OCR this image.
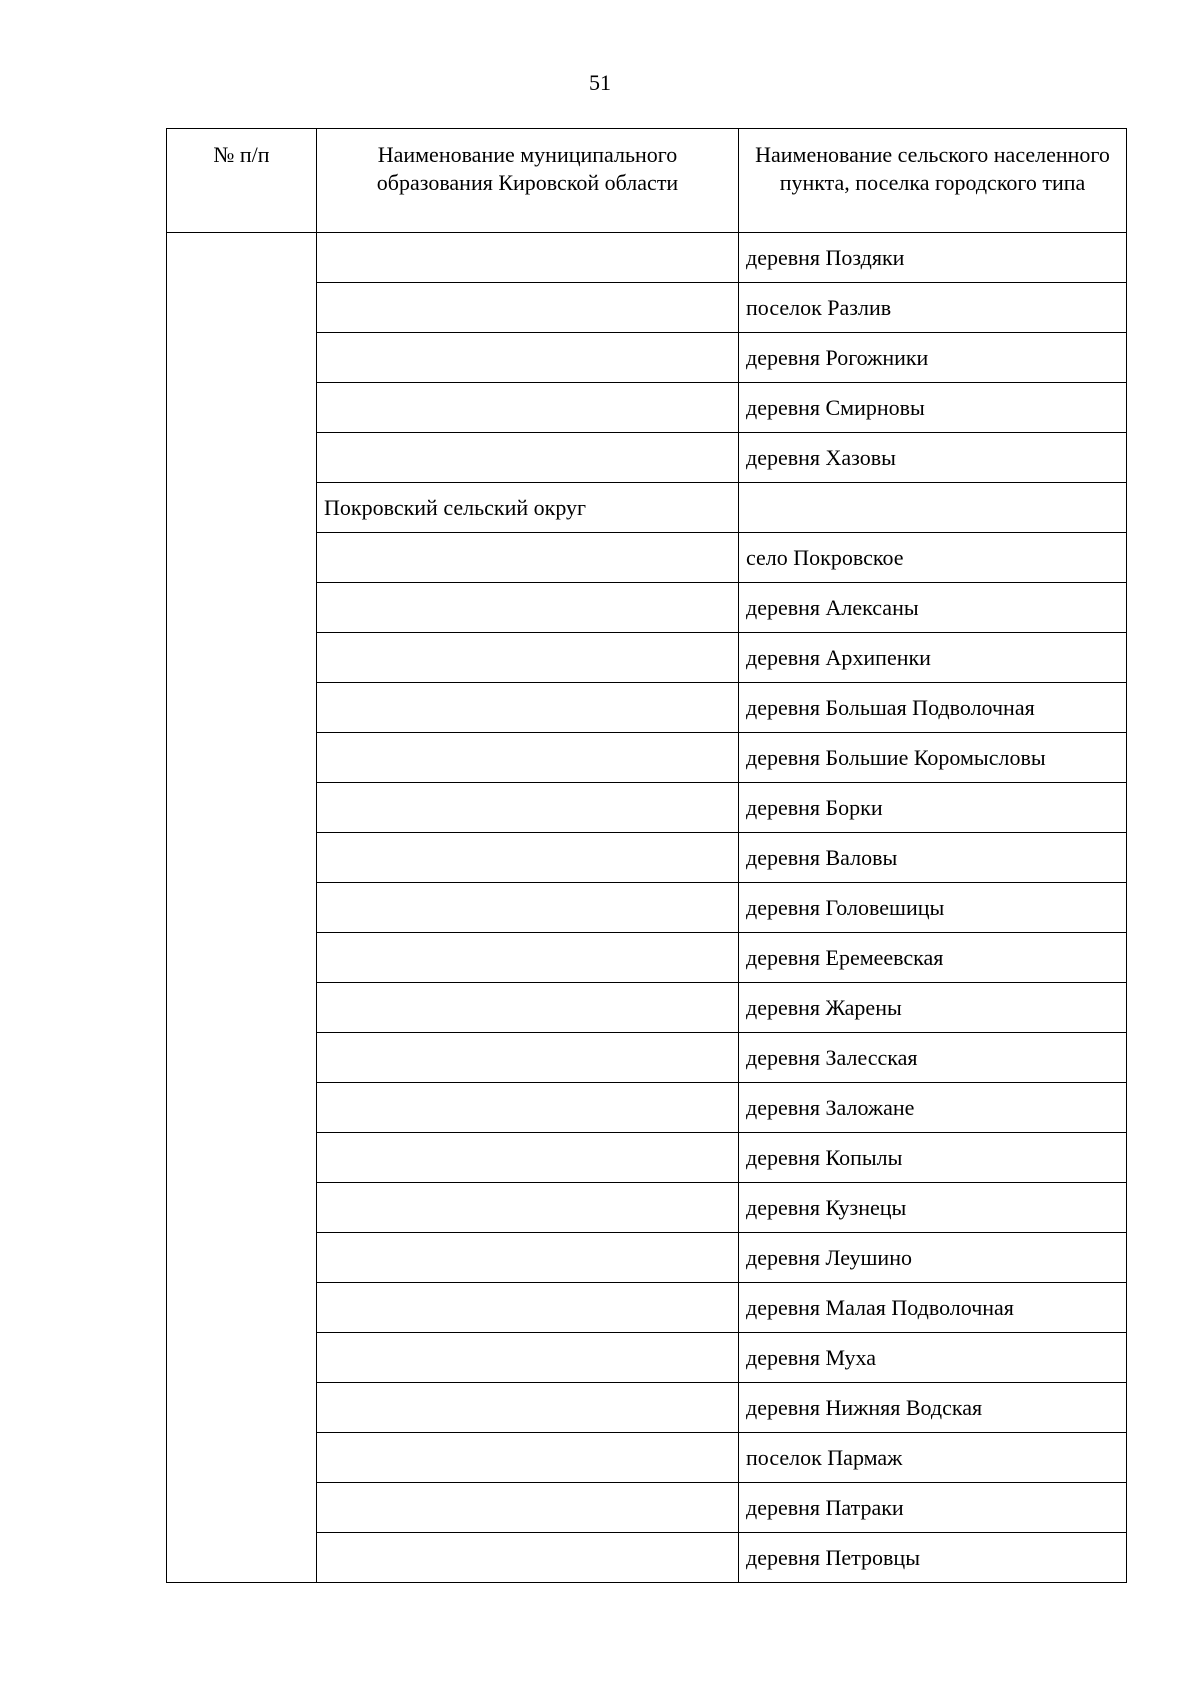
51
№ п/п	Наименование муниципального образования Кировской области	Наименование сельского населенного пункта, поселка городского типа
		деревня Поздяки
		поселок Разлив
		деревня Рогожники
		деревня Смирновы
		деревня Хазовы
	Покровский сельский округ	
		село Покровское
		деревня Алексаны
		деревня Архипенки
		деревня Большая Подволочная
		деревня Большие Коромысловы
		деревня Борки
		деревня Валовы
		деревня Головешицы
		деревня Еремеевская
		деревня Жарены
		деревня Залесская
		деревня Заложане
		деревня Копылы
		деревня Кузнецы
		деревня Леушино
		деревня Малая Подволочная
		деревня Муха
		деревня Нижняя Водская
		поселок Пармаж
		деревня Патраки
		деревня Петровцы
